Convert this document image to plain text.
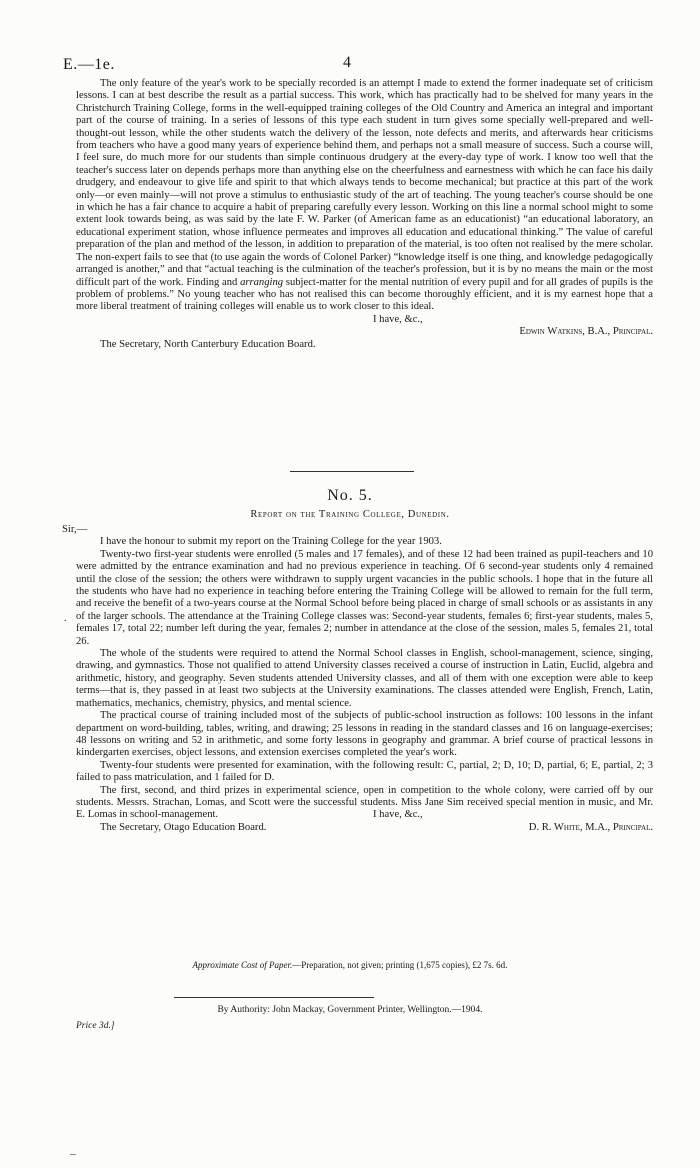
E.—1e.	4

The only feature of the year's work to be specially recorded is an attempt I made to extend the former inadequate set of criticism lessons. I can at best describe the result as a partial success. This work, which has practically had to be shelved for many years in the Christchurch Training College, forms in the well-equipped training colleges of the Old Country and America an integral and important part of the course of training. In a series of lessons of this type each student in turn gives some specially well-prepared and well-thought-out lesson, while the other students watch the delivery of the lesson, note defects and merits, and afterwards hear criticisms from teachers who have a good many years of experience behind them, and perhaps not a small measure of success. Such a course will, I feel sure, do much more for our students than simple continuous drudgery at the every-day type of work. I know too well that the teacher's success later on depends perhaps more than anything else on the cheerfulness and earnestness with which he can face his daily drudgery, and endeavour to give life and spirit to that which always tends to become mechanical; but practice at this part of the work only—or even mainly—will not prove a stimulus to enthusiastic study of the art of teaching. The young teacher's course should be one in which he has a fair chance to acquire a habit of preparing carefully every lesson. Working on this line a normal school might to some extent look towards being, as was said by the late F. W. Parker (of American fame as an educationist) “an educational laboratory, an educational experiment station, whose influence permeates and improves all education and educational thinking.” The value of careful preparation of the plan and method of the lesson, in addition to preparation of the material, is too often not realised by the mere scholar. The non-expert fails to see that (to use again the words of Colonel Parker) “knowledge itself is one thing, and knowledge pedagogically arranged is another,” and that “actual teaching is the culmination of the teacher's profession, but it is by no means the main or the most difficult part of the work. Finding and arranging subject-matter for the mental nutrition of every pupil and for all grades of pupils is the problem of problems.” No young teacher who has not realised this can become thoroughly efficient, and it is my earnest hope that a more liberal treatment of training colleges will enable us to work closer to this ideal.

I have, &c.,
Edwin Watkins, B.A., Principal.
The Secretary, North Canterbury Education Board.
No. 5.
Report on the Training College, Dunedin.

Sir,—

I have the honour to submit my report on the Training College for the year 1903.

Twenty-two first-year students were enrolled (5 males and 17 females), and of these 12 had been trained as pupil-teachers and 10 were admitted by the entrance examination and had no previous experience in teaching. Of 6 second-year students only 4 remained until the close of the session; the others were withdrawn to supply urgent vacancies in the public schools. I hope that in the future all the students who have had no experience in teaching before entering the Training College will be allowed to remain for the full term, and receive the benefit of a two-years course at the Normal School before being placed in charge of small schools or as assistants in any of the larger schools. The attendance at the Training College classes was: Second-year students, females 6; first-year students, males 5, females 17, total 22; number left during the year, females 2; number in attendance at the close of the session, males 5, females 21, total 26.

The whole of the students were required to attend the Normal School classes in English, school-management, science, singing, drawing, and gymnastics. Those not qualified to attend University classes received a course of instruction in Latin, Euclid, algebra and arithmetic, history, and geography. Seven students attended University classes, and all of them with one exception were able to keep terms—that is, they passed in at least two subjects at the University examinations. The classes attended were English, French, Latin, mathematics, mechanics, chemistry, physics, and mental science.

The practical course of training included most of the subjects of public-school instruction as follows: 100 lessons in the infant department on word-building, tables, writing, and drawing; 25 lessons in reading in the standard classes and 16 on language-exercises; 48 lessons on writing and 52 in arithmetic, and some forty lessons in geography and grammar. A brief course of practical lessons in kindergarten exercises, object lessons, and extension exercises completed the year's work.

Twenty-four students were presented for examination, with the following result: C, partial, 2; D, 10; D, partial, 6; E, partial, 2; 3 failed to pass matriculation, and 1 failed for D.

The first, second, and third prizes in experimental science, open in competition to the whole colony, were carried off by our students. Messrs. Strachan, Lomas, and Scott were the successful students. Miss Jane Sim received special mention in music, and Mr. E. Lomas in school-management.	I have, &c.,
The Secretary, Otago Education Board.	D. R. White, M.A., Principal.
.
Approximate Cost of Paper.—Preparation, not given; printing (1,675 copies), £2 7s. 6d.
By Authority: John Mackay, Government Printer, Wellington.—1904.
Price 3d.]
